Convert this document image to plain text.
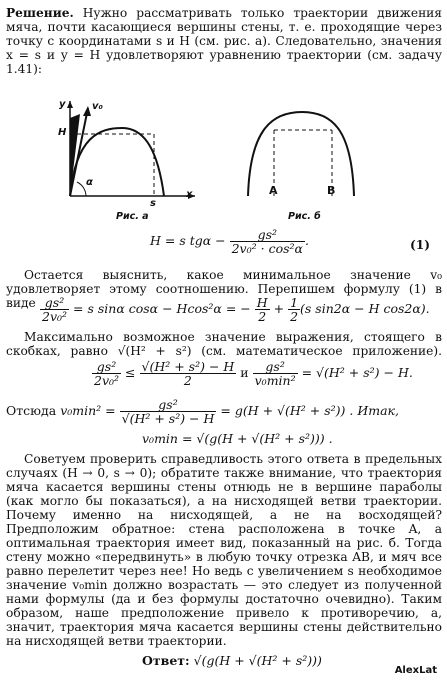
Решение. Нужно рассматривать только траектории движения мяча, почти касающиеся вершины стены, т. е. проходящие через точку с координатами s и H (см. рис. а). Следовательно, значения x = s и y = H удовлетворяют уравнению траектории (см. задачу 1.41):
y	v₀
H
α
s
x
Рис. а
A	B
Рис. б
H = s $tg\alpha - \frac{\text{gs²}}{\text{2v₀² · cos²α}}$ .	(1)
Остается выяснить, какое минимальное значение v₀ удовлетворяет этому соотношению. Перепишем формулу (1) в виде $\frac{\text{gs²}}{\text{2v₀²}} = s$ sinα cosα − Hcos²α = − $\frac{H}{2} + \frac{1}{2} (s$ sin2α − H cos2α).
Максимально возможное значение выражения, стоящего в скобках, равно √(H² + s²) (см. математическое приложение).
$\frac{\text{gs²}}{\text{2v₀²}} \le \frac{\text{√(H² + s²) − H}}{2}$ и $\frac{\text{gs²}}{\text{v₀min²}} = √(H^2 + s^2) - H$.
Отсюда $v_0\min^2 = \frac{\text{gs²}}{\text{√(H² + s²) − H}} = g(H + √(H^2 + s^2))$ . Итак,
v₀min = √(g(H + √(H² + s²))) .
Советуем проверить справедливость этого ответа в предельных случаях (H → 0, s → 0); обратите также внимание, что траектория мяча касается вершины стены отнюдь не в вершине параболы (как могло бы показаться), а на нисходящей ветви траектории. Почему именно на нисходящей, а не на восходящей? Предположим обратное: стена расположена в точке A, а оптимальная траектория имеет вид, показанный на рис. б. Тогда стену можно «передвинуть» в любую точку отрезка AB, и мяч все равно перелетит через нее! Но ведь с увеличением s необходимое значение v₀min должно возрастать — это следует из полученной нами формулы (да и без формулы достаточно очевидно). Таким образом, наше предположение привело к противоречию, а, значит, траектория мяча касается вершины стены действительно на нисходящей ветви траектории.
Ответ: √(g(H + √(H² + s²)))
AlexLat
